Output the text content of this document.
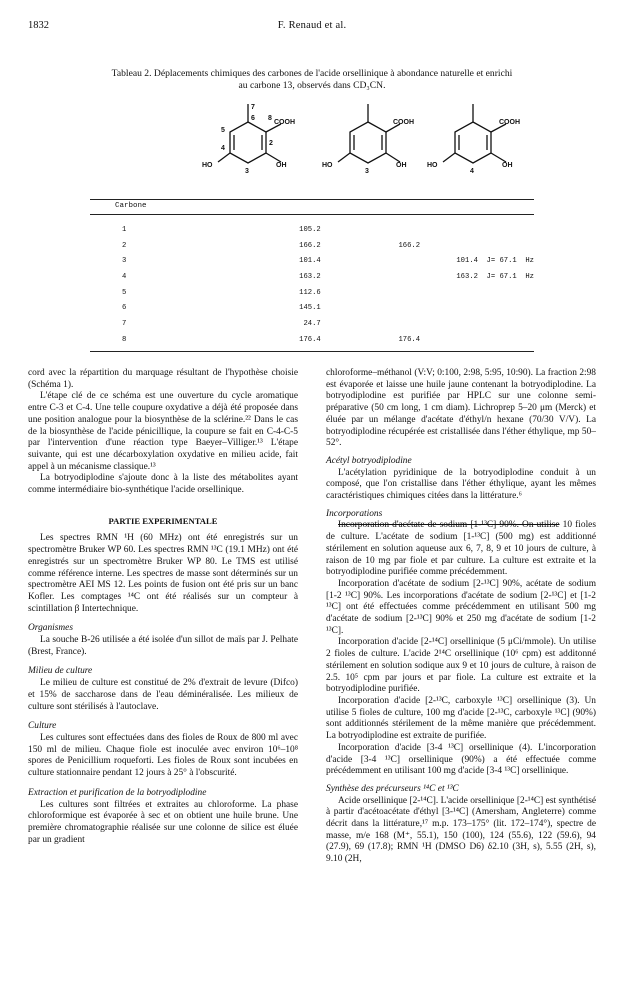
1832	F. Renaud et al.
Tableau 2. Déplacements chimiques des carbones de l'acide orsellinique à abondance naturelle et enrichi
au carbone 13, observés dans CD₃CN.
7
6 8
5
2
4
3
COOH
OH
HO
COOH
OH
HO
3
COOH
OH
HO
4
Carbone
1	105.2		
2	166.2	166.2	
3	101.4		101.4  J= 67.1  Hz
4	163.2		163.2  J= 67.1  Hz
5	112.6		
6	145.1		
7	24.7		
8	176.4	176.4	

cord avec la répartition du marquage résultant de l'hypothèse choisie (Schéma 1).

L'étape clé de ce schéma est une ouverture du cycle aromatique entre C-3 et C-4. Une telle coupure oxydative a déjà été proposée dans une position analogue pour la biosynthèse de la sclérine.²² Dans le cas de la biosynthèse de l'acide pénicillique, la coupure se fait en C-4-C-5 par l'intervention d'une réaction type Baeyer–Villiger.¹³ L'étape suivante, qui est une décarboxylation oxydative en milieu acide, fait appel à un mécanisme classique.¹³

La botryodiplodine s'ajoute donc à la liste des métabolites ayant comme intermédiaire bio-synthétique l'acide orsellinique.

PARTIE EXPERIMENTALE

Les spectres RMN ¹H (60 MHz) ont été enregistrés sur un spectromètre Bruker WP 60. Les spectres RMN ¹³C (19.1 MHz) ont été enregistrés sur un spectromètre Bruker WP 80. Le TMS est utilisé comme référence interne. Les spectres de masse sont déterminés sur un spectromètre AEI MS 12. Les points de fusion ont été pris sur un banc Kofler. Les comptages ¹⁴C ont été réalisés sur un compteur à scintillation β Intertechnique.

Organismes

La souche B-26 utilisée a été isolée d'un sillot de maïs par J. Pelhate (Brest, France).

Milieu de culture

Le milieu de culture est constitué de 2% d'extrait de levure (Difco) et 15% de saccharose dans de l'eau déminéralisée. Les milieux de culture sont stérilisés à l'autoclave.

Culture

Les cultures sont effectuées dans des fioles de Roux de 800 ml avec 150 ml de milieu. Chaque fiole est inoculée avec environ 10⁶–10⁸ spores de Penicillium roqueforti. Les fioles de Roux sont incubées en culture stationnaire pendant 12 jours à 25° à l'obscurité.

Extraction et purification de la botryodiplodine

Les cultures sont filtrées et extraites au chloroforme. La phase chloroformique est évaporée à sec et on obtient une huile brune. Une première chromatographie réalisée sur une colonne de silice est éluée par un gradient

chloroforme–méthanol (V:V; 0:100, 2:98, 5:95, 10:90). La fraction 2:98 est évaporée et laisse une huile jaune contenant la botryodiplodine. La botryodiplodine est purifiée par HPLC sur une colonne semi-préparative (50 cm long, 1 cm diam). Lichroprep 5–20 μm (Merck) et éluée par un mélange d'acétate d'éthyl/n hexane (70/30 V/V). La botryodiplodine récupérée est cristallisée dans l'éther éthylique, mp 50–52°.

Acétyl botryodiplodine

L'acétylation pyridinique de la botryodiplodine conduit à un composé, que l'on cristallise dans l'éther éthylique, ayant les mêmes caractéristiques chimiques citées dans la littérature.⁶

Incorporations

Incorporation d'acétate de sodium [1-¹³C] 90%. On utilise 10 fioles de culture. L'acétate de sodium [1-¹³C] (500 mg) est additionné stérilement en solution aqueuse aux 6, 7, 8, 9 et 10 jours de culture, à raison de 10 mg par fiole et par culture. La culture est extraite et la botryodiplodine purifiée comme précédemment.

Incorporation d'acétate de sodium [2-¹³C] 90%, acétate de sodium [1-2 ¹³C] 90%. Les incorporations d'acétate de sodium [2-¹³C] et [1-2 ¹³C] ont été effectuées comme précédemment en utilisant 500 mg d'acétate de sodium [2-¹³C] 90% et 250 mg d'acétate de sodium [1-2 ¹³C].

Incorporation d'acide [2-¹⁴C] orsellinique (5 μCi/mmole). Un utilise 2 fioles de culture. L'acide 2¹⁴C orsellinique (10⁶ cpm) est additonné stérilement en solution sodique aux 9 et 10 jours de culture, à raison de 2.5. 10⁵ cpm par jours et par fiole. La culture est extraite et la botryodiplodine purifiée.

Incorporation d'acide [2-¹³C, carboxyle ¹³C] orsellinique (3). Un utilise 5 fioles de culture, 100 mg d'acide [2-¹³C, carboxyle ¹³C] (90%) sont additionnés stérilement de la même manière que précédemment. La botryodiplodine est extraite de purifiée.

Incorporation d'acide [3-4 ¹³C] orsellinique (4). L'incorporation d'acide [3-4 ¹³C] orsellinique (90%) a été effectuée comme précédemment en utilisant 100 mg d'acide [3-4 ¹³C] orsellinique.

Synthèse des précurseurs ¹⁴C et ¹³C

Acide orsellinique [2-¹⁴C]. L'acide orsellinique [2-¹⁴C] est synthétisé à partir d'acétoacétate d'éthyl [3-¹⁴C] (Amersham, Angleterre) comme décrit dans la littérature,¹⁷ m.p. 173–175° (lit. 172–174°), spectre de masse, m/e 168 (M⁺, 55.1), 150 (100), 124 (55.6), 122 (59.6), 94 (27.9), 69 (17.8); RMN ¹H (DMSO D6) δ2.10 (3H, s), 5.55 (2H, s), 9.10 (2H,
